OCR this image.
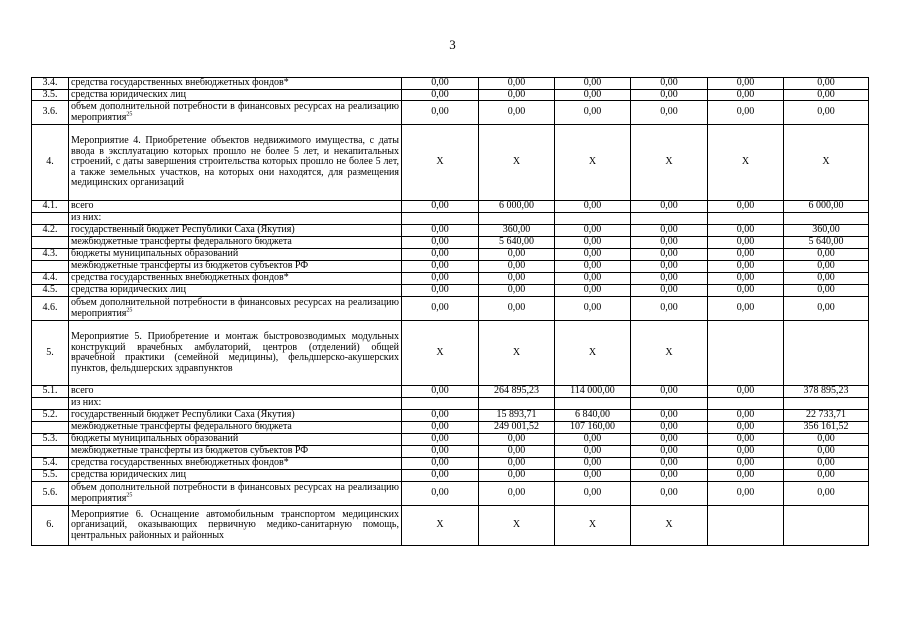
3
3.4.	средства государственных внебюджетных фондов*	0,00	0,00	0,00	0,00	0,00	0,00
3.5.	средства юридических лиц	0,00	0,00	0,00	0,00	0,00	0,00
3.6.	объем дополнительной потребности в финансовых ресурсах на реализацию мероприятия$^{25}$	0,00	0,00	0,00	0,00	0,00	0,00
4.	Мероприятие 4. Приобретение объектов недвижимого имущества, с даты ввода в эксплуатацию которых прошло не более 5 лет, и некапитальных строений, с даты завершения строительства которых прошло не более 5 лет, а также земельных участков, на которых они находятся, для размещения медицинских организаций	X	X	X	X	X	X
4.1.	всего	0,00	6 000,00	0,00	0,00	0,00	6 000,00
	из них:						
4.2.	государственный бюджет Республики Саха (Якутия)	0,00	360,00	0,00	0,00	0,00	360,00
	межбюджетные трансферты федерального бюджета	0,00	5 640,00	0,00	0,00	0,00	5 640,00
4.3.	бюджеты муниципальных образований	0,00	0,00	0,00	0,00	0,00	0,00
	межбюджетные трансферты из бюджетов субъектов РФ	0,00	0,00	0,00	0,00	0,00	0,00
4.4.	средства государственных внебюджетных фондов*	0,00	0,00	0,00	0,00	0,00	0,00
4.5.	средства юридических лиц	0,00	0,00	0,00	0,00	0,00	0,00
4.6.	объем дополнительной потребности в финансовых ресурсах на реализацию мероприятия$^{25}$	0,00	0,00	0,00	0,00	0,00	0,00
5.	Мероприятие 5. Приобретение и монтаж быстровозводимых модульных конструкций врачебных амбулаторий, центров (отделений) общей врачебной практики (семейной медицины), фельдшерско-акушерских пунктов, фельдшерских здравпунктов	X	X	X	X		
5.1.	всего	0,00	264 895,23	114 000,00	0,00	0,00	378 895,23
	из них:						
5.2.	государственный бюджет Республики Саха (Якутия)	0,00	15 893,71	6 840,00	0,00	0,00	22 733,71
	межбюджетные трансферты федерального бюджета	0,00	249 001,52	107 160,00	0,00	0,00	356 161,52
5.3.	бюджеты муниципальных образований	0,00	0,00	0,00	0,00	0,00	0,00
	межбюджетные трансферты из бюджетов субъектов РФ	0,00	0,00	0,00	0,00	0,00	0,00
5.4.	средства государственных внебюджетных фондов*	0,00	0,00	0,00	0,00	0,00	0,00
5.5.	средства юридических лиц	0,00	0,00	0,00	0,00	0,00	0,00
5.6.	объем дополнительной потребности в финансовых ресурсах на реализацию мероприятия$^{25}$	0,00	0,00	0,00	0,00	0,00	0,00
6.	Мероприятие 6. Оснащение автомобильным транспортом медицинских организаций, оказывающих первичную медико-санитарную помощь, центральных районных и районных	X	X	X	X		
